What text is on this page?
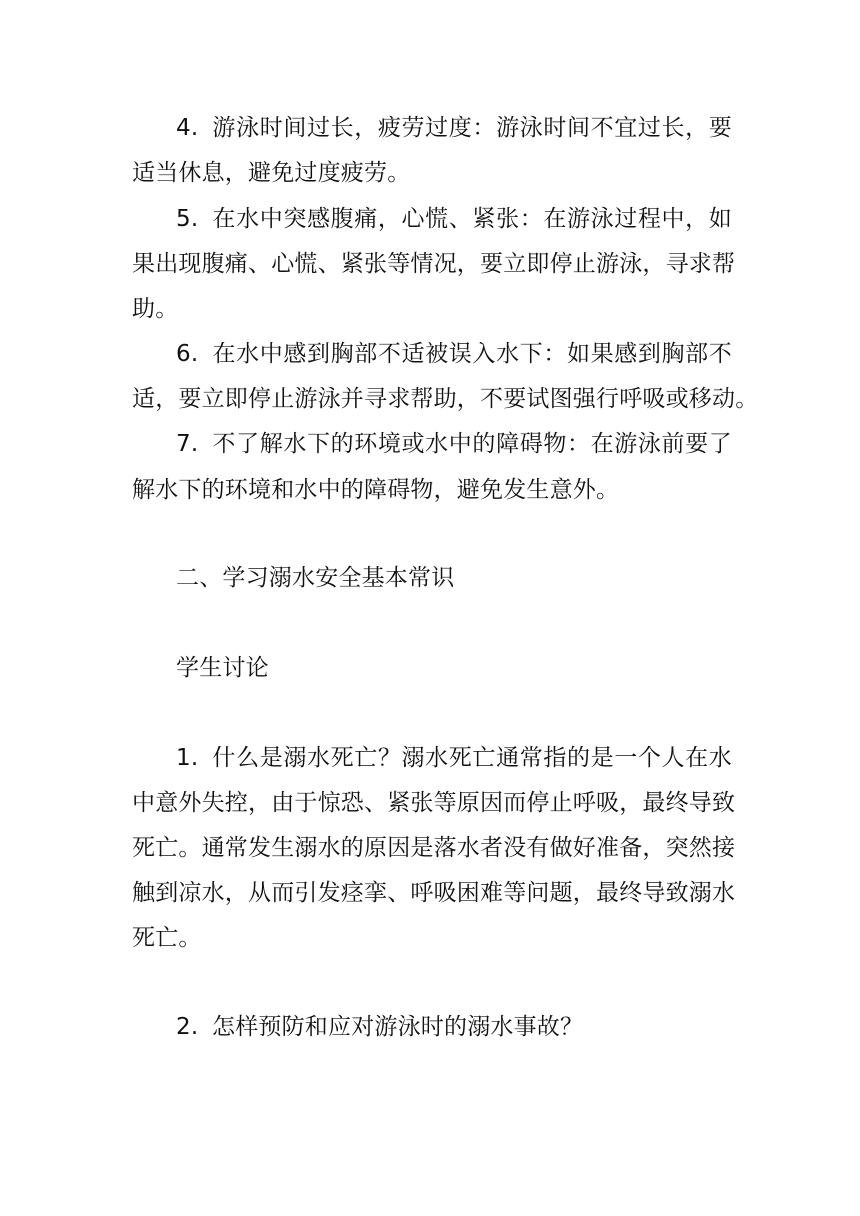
4. 游泳时间过长，疲劳过度：游泳时间不宜过长，要
适当休息，避免过度疲劳。
5. 在水中突感腹痛，心慌、紧张：在游泳过程中，如
果出现腹痛、心慌、紧张等情况，要立即停止游泳，寻求帮
助。
6. 在水中感到胸部不适被误入水下：如果感到胸部不
适，要立即停止游泳并寻求帮助，不要试图强行呼吸或移动。
7. 不了解水下的环境或水中的障碍物：在游泳前要了
解水下的环境和水中的障碍物，避免发生意外。
二、学习溺水安全基本常识
学生讨论
1. 什么是溺水死亡？溺水死亡通常指的是一个人在水
中意外失控，由于惊恐、紧张等原因而停止呼吸，最终导致
死亡。通常发生溺水的原因是落水者没有做好准备，突然接
触到凉水，从而引发痉挛、呼吸困难等问题，最终导致溺水
死亡。
2. 怎样预防和应对游泳时的溺水事故？
